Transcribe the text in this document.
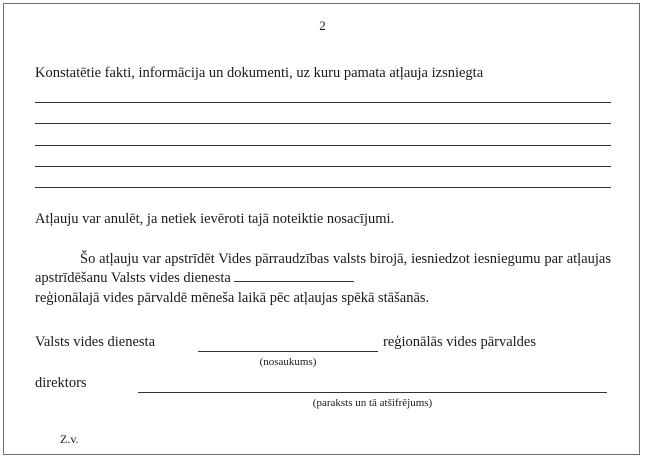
2
Konstatētie fakti, informācija un dokumenti, uz kuru pamata atļauja izsniegta
Atļauju var anulēt, ja netiek ievēroti tajā noteiktie nosacījumi.
Šo atļauju var apstrīdēt Vides pārraudzības valsts birojā, iesniedzot iesniegumu par atļaujas apstrīdēšanu Valsts vides dienesta
reģionālajā vides pārvaldē mēneša laikā pēc atļaujas spēkā stāšanās.
Valsts vides dienesta	reģionālās vides pārvaldes
(nosaukums)
direktors
(paraksts un tā atšifrējums)
Z.v.
